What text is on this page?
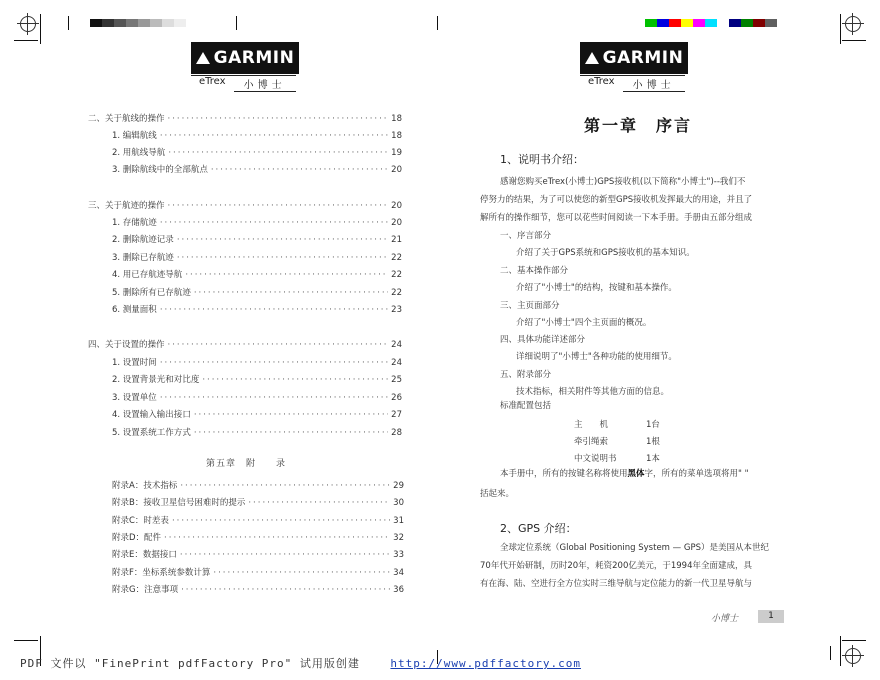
GARMIN
eTrex	小博士
二、关于航线的操作 ·····	18
1. 编辑航线 ·····	18
2. 用航线导航 ·····	19
3. 删除航线中的全部航点 ·····	20
三、关于航迹的操作 ·····	20
1. 存储航迹 ·····	20
2. 删除航迹记录 ·····	21
3. 删除已存航迹 ·····	22
4. 用已存航迹导航 ·····	22
5. 删除所有已存航迹 ·····	22
6. 测量面积 ·····	23
四、关于设置的操作 ·····	24
1. 设置时间 ·····	24
2. 设置背景光和对比度 ·····	25
3. 设置单位 ·····	26
4. 设置输入输出接口 ·····	27
5. 设置系统工作方式 ·····	28
第五章　附　　录
附录A：技术指标 ·····	29
附录B：接收卫星信号困难时的提示 ·····	30
附录C：时差表 ·····	31
附录D：配件 ·····	32
附录E：数据接口 ·····	33
附录F：坐标系统参数计算 ·····	34
附录G：注意事项 ·····	36
GARMIN
eTrex	小博士
第一章　序言
1、说明书介绍：
感谢您购买eTrex(小博士)GPS接收机(以下简称"小博士")--我们不
停努力的结果，为了可以使您的新型GPS接收机发挥最大的用途，并且了
解所有的操作细节，您可以花些时间阅读一下本手册。手册由五部分组成
一、序言部分
介绍了关于GPS系统和GPS接收机的基本知识。
二、基本操作部分
介绍了"小博士"的结构，按键和基本操作。
三、主页面部分
介绍了"小博士"四个主页面的概况。
四、具体功能详述部分
详细说明了"小博士"各种功能的使用细节。
五、附录部分
技术指标，相关附件等其他方面的信息。
标准配置包括
主　　机	1台
牵引绳索	1根
中文说明书	1本
本手册中，所有的按键名称将使用黑体字，所有的菜单选项将用" "
括起来。
2、GPS 介绍：
全球定位系统（Global Positioning System — GPS）是美国从本世纪
70年代开始研制，历时20年，耗资200亿美元，于1994年全面建成，具
有在海、陆、空进行全方位实时三维导航与定位能力的新一代卫星导航与
小博士	1
PDF 文件以 "FinePrint pdfFactory Pro" 试用版创建	http://www.pdffactory.com
